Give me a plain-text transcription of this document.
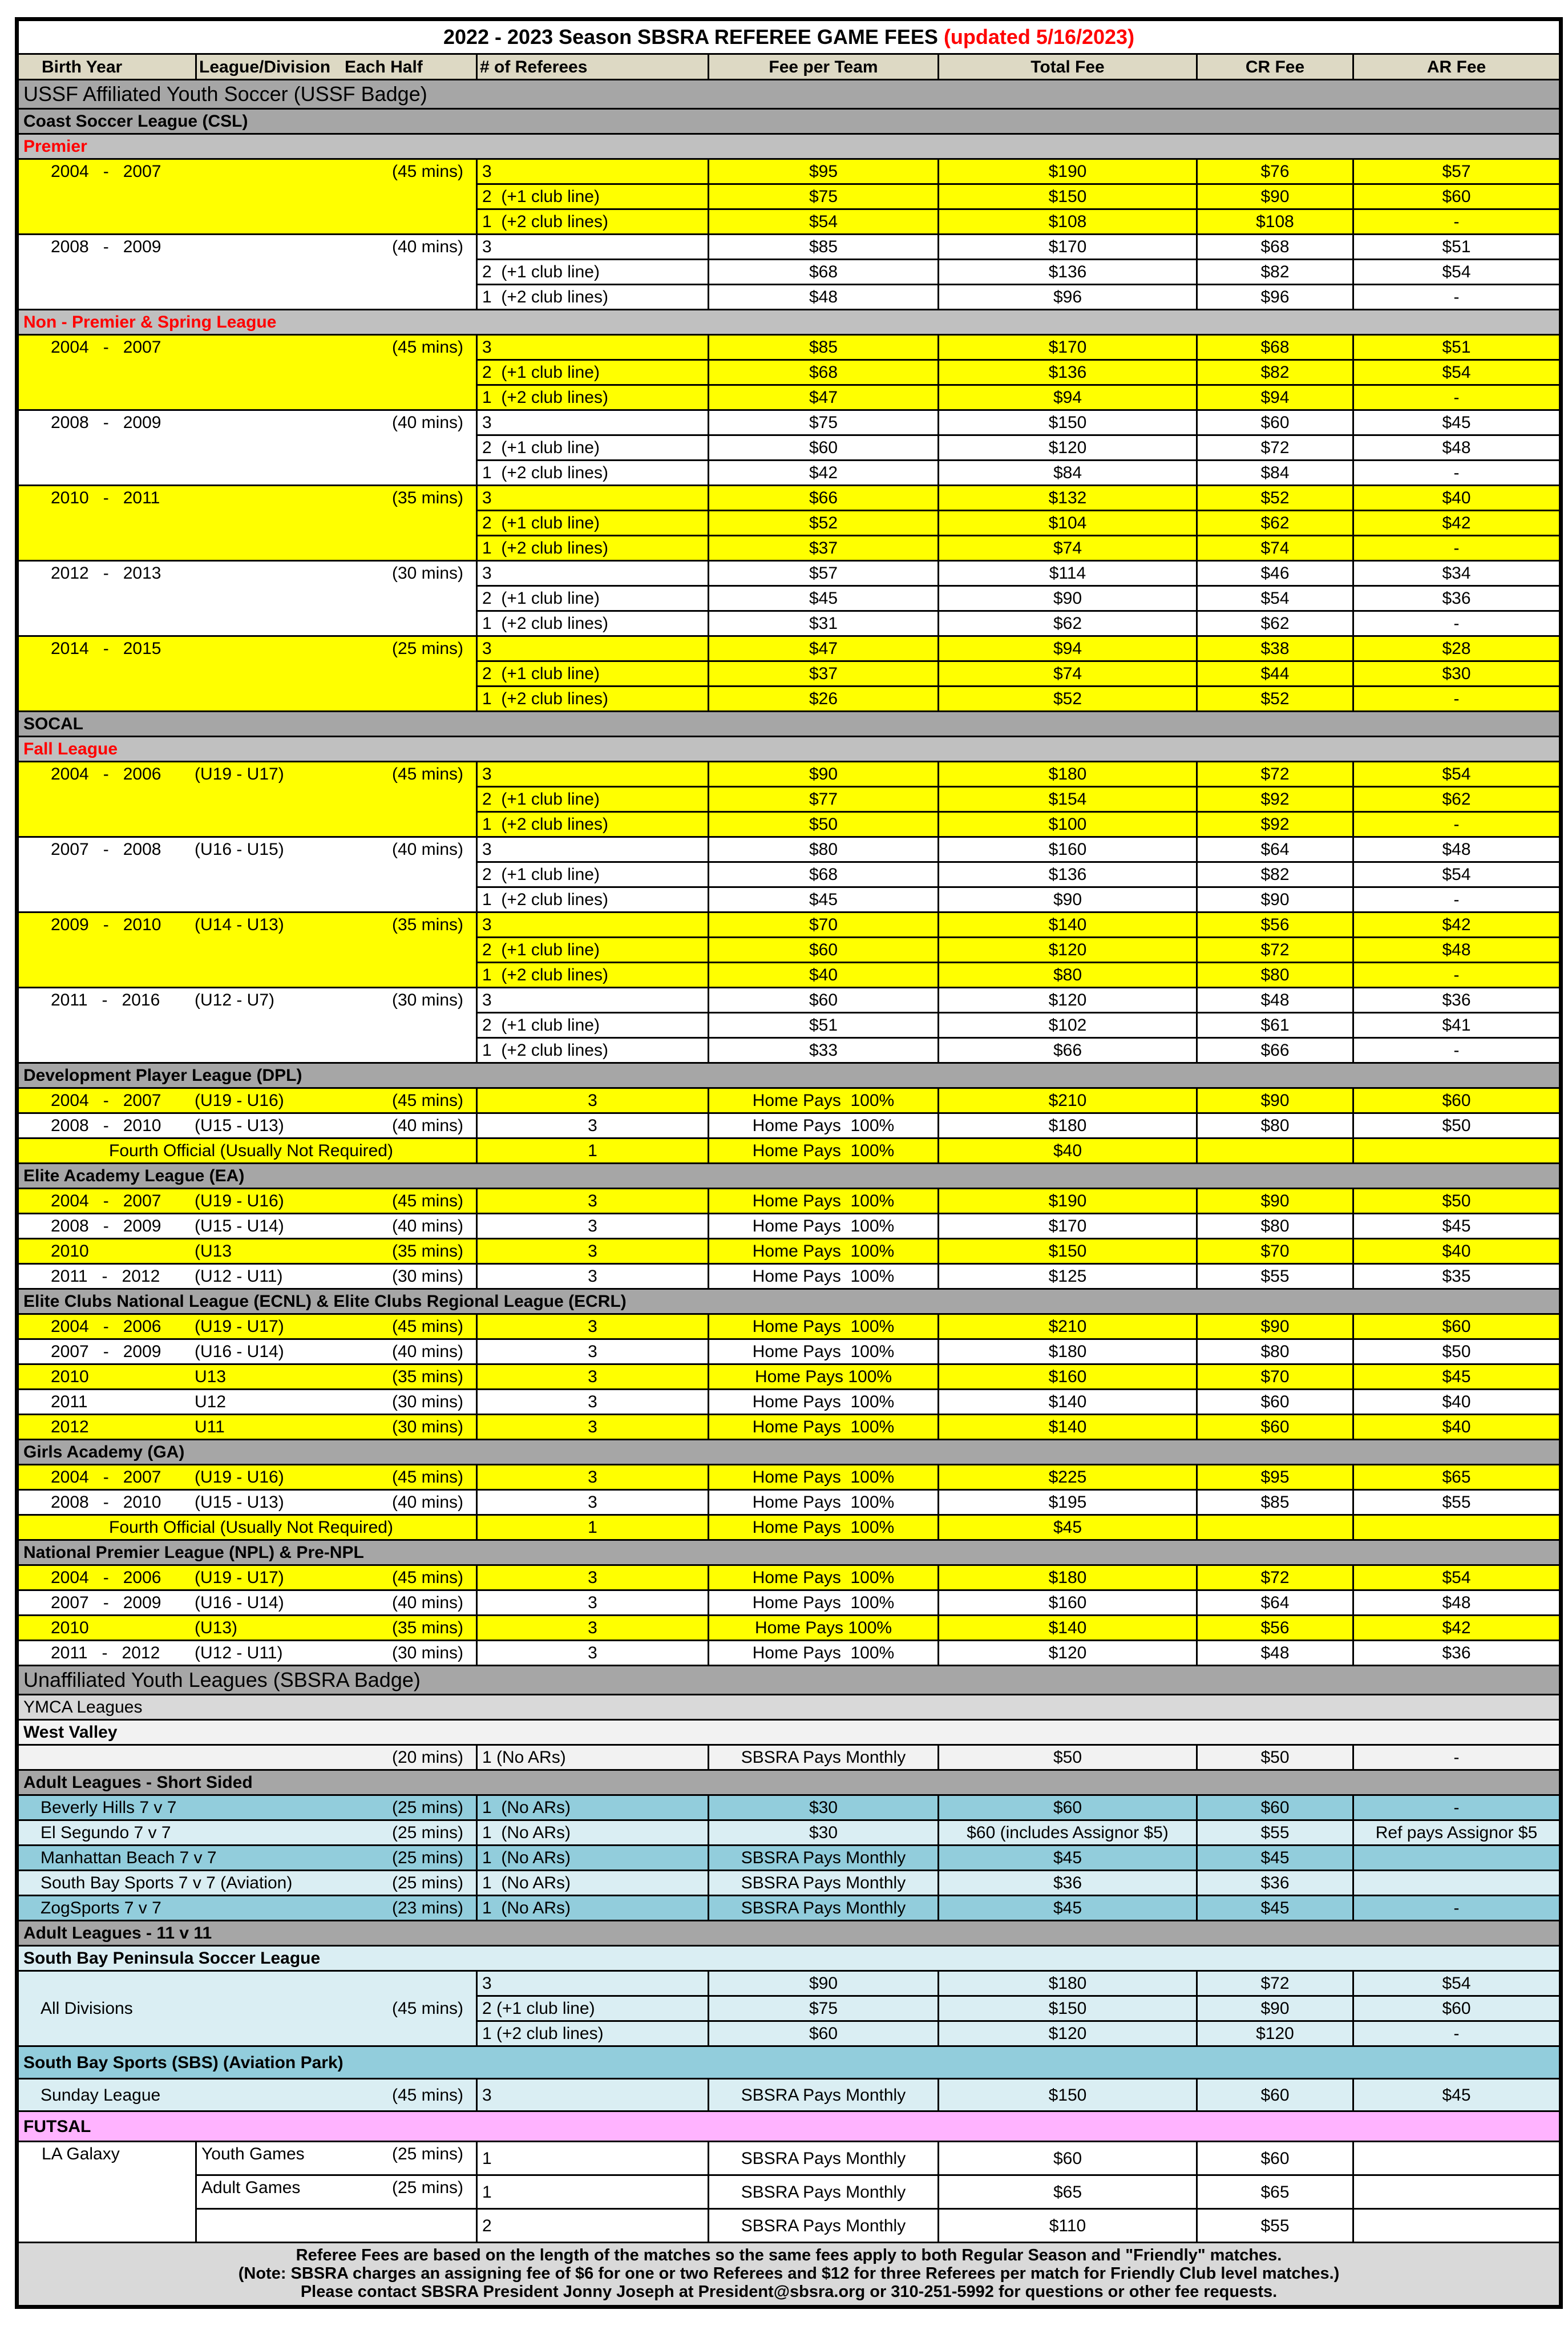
2022 - 2023 Season SBSRA REFEREE GAME FEES (updated 5/16/2023)						
Birth Year	League/Division   Each Half	# of Referees	Fee per Team	Total Fee	CR Fee	AR Fee
USSF Affiliated Youth Soccer (USSF Badge)						
Coast Soccer League (CSL)						
Premier						

2004   -   2007 (45 mins)		3	$95	$190	$76	$57
		2  (+1 club line)	$75	$150	$90	$60
		1  (+2 club lines)	$54	$108	$108	-

2008   -   2009 (40 mins)		3	$85	$170	$68	$51
		2  (+1 club line)	$68	$136	$82	$54
		1  (+2 club lines)	$48	$96	$96	-
Non - Premier & Spring League						

2004   -   2007 (45 mins)		3	$85	$170	$68	$51
		2  (+1 club line)	$68	$136	$82	$54
		1  (+2 club lines)	$47	$94	$94	-

2008   -   2009 (40 mins)		3	$75	$150	$60	$45
		2  (+1 club line)	$60	$120	$72	$48
		1  (+2 club lines)	$42	$84	$84	-

2010   -   2011 (35 mins)		3	$66	$132	$52	$40
		2  (+1 club line)	$52	$104	$62	$42
		1  (+2 club lines)	$37	$74	$74	-

2012   -   2013 (30 mins)		3	$57	$114	$46	$34
		2  (+1 club line)	$45	$90	$54	$36
		1  (+2 club lines)	$31	$62	$62	-

2014   -   2015 (25 mins)		3	$47	$94	$38	$28
		2  (+1 club line)	$37	$74	$44	$30
		1  (+2 club lines)	$26	$52	$52	-
SOCAL						
Fall League						

2004   -   2006 (U19 - U17) (45 mins)		3	$90	$180	$72	$54
		2  (+1 club line)	$77	$154	$92	$62
		1  (+2 club lines)	$50	$100	$92	-

2007   -   2008 (U16 - U15) (40 mins)		3	$80	$160	$64	$48
		2  (+1 club line)	$68	$136	$82	$54
		1  (+2 club lines)	$45	$90	$90	-

2009   -   2010 (U14 - U13) (35 mins)		3	$70	$140	$56	$42
		2  (+1 club line)	$60	$120	$72	$48
		1  (+2 club lines)	$40	$80	$80	-

2011   -   2016 (U12 - U7) (30 mins)		3	$60	$120	$48	$36
		2  (+1 club line)	$51	$102	$61	$41
		1  (+2 club lines)	$33	$66	$66	-
Development Player League (DPL)						

2004   -   2007 (U19 - U16) (45 mins)		3	Home Pays  100%	$210	$90	$60

2008   -   2010 (U15 - U13) (40 mins)		3	Home Pays  100%	$180	$80	$50

Fourth Official (Usually Not Required)		1	Home Pays  100%	$40		
Elite Academy League (EA)						

2004   -   2007 (U19 - U16) (45 mins)		3	Home Pays  100%	$190	$90	$50

2008   -   2009 (U15 - U14) (40 mins)		3	Home Pays  100%	$170	$80	$45

2010 (U13 (35 mins)		3	Home Pays  100%	$150	$70	$40

2011   -   2012 (U12 - U11) (30 mins)		3	Home Pays  100%	$125	$55	$35
Elite Clubs National League (ECNL) & Elite Clubs Regional League (ECRL)						

2004   -   2006 (U19 - U17) (45 mins)		3	Home Pays  100%	$210	$90	$60

2007   -   2009 (U16 - U14) (40 mins)		3	Home Pays  100%	$180	$80	$50

2010 U13 (35 mins)		3	Home Pays 100%	$160	$70	$45

2011 U12 (30 mins)		3	Home Pays  100%	$140	$60	$40

2012 U11 (30 mins)		3	Home Pays  100%	$140	$60	$40
Girls Academy (GA)						

2004   -   2007 (U19 - U16) (45 mins)		3	Home Pays  100%	$225	$95	$65

2008   -   2010 (U15 - U13) (40 mins)		3	Home Pays  100%	$195	$85	$55

Fourth Official (Usually Not Required)		1	Home Pays  100%	$45		
National Premier League (NPL) & Pre-NPL						

2004   -   2006 (U19 - U17) (45 mins)		3	Home Pays  100%	$180	$72	$54

2007   -   2009 (U16 - U14) (40 mins)		3	Home Pays  100%	$160	$64	$48

2010 (U13) (35 mins)		3	Home Pays 100%	$140	$56	$42

2011   -   2012 (U12 - U11) (30 mins)		3	Home Pays  100%	$120	$48	$36
Unaffiliated Youth Leagues (SBSRA Badge)						
YMCA Leagues						
West Valley						

(20 mins)		1 (No ARs)	SBSRA Pays Monthly	$50	$50	-
Adult Leagues - Short Sided						

Beverly Hills 7 v 7 (25 mins)		1  (No ARs)	$30	$60	$60	-

El Segundo 7 v 7 (25 mins)		1  (No ARs)	$30	$60 (includes Assignor $5)	$55	Ref pays Assignor $5

Manhattan Beach 7 v 7 (25 mins)		1  (No ARs)	SBSRA Pays Monthly	$45	$45	

South Bay Sports 7 v 7 (Aviation) (25 mins)		1  (No ARs)	SBSRA Pays Monthly	$36	$36	

ZogSports 7 v 7 (23 mins)		1  (No ARs)	SBSRA Pays Monthly	$45	$45	-
Adult Leagues - 11 v 11						
South Bay Peninsula Soccer League						

All Divisions (45 mins)		3	$90	$180	$72	$54
		2 (+1 club line)	$75	$150	$90	$60
		1 (+2 club lines)	$60	$120	$120	-
South Bay Sports (SBS) (Aviation Park)						

Sunday League (45 mins)		3	SBSRA Pays Monthly	$150	$60	$45
FUTSAL						
LA Galaxy	Youth Games (25 mins)	1	SBSRA Pays Monthly	$60	$60	

	Adult Games (25 mins)	1	SBSRA Pays Monthly	$65	$65	

		2	SBSRA Pays Monthly	$110	$55	

Referee Fees are based on the length of the matches so the same fees apply to both Regular Season and "Friendly" matches.
(Note: SBSRA charges an assigning fee of $6 for one or two Referees and $12 for three Referees per match for Friendly Club level matches.)
Please contact SBSRA President Jonny Joseph at President@sbsra.org or 310-251-5992 for questions or other fee requests.						
